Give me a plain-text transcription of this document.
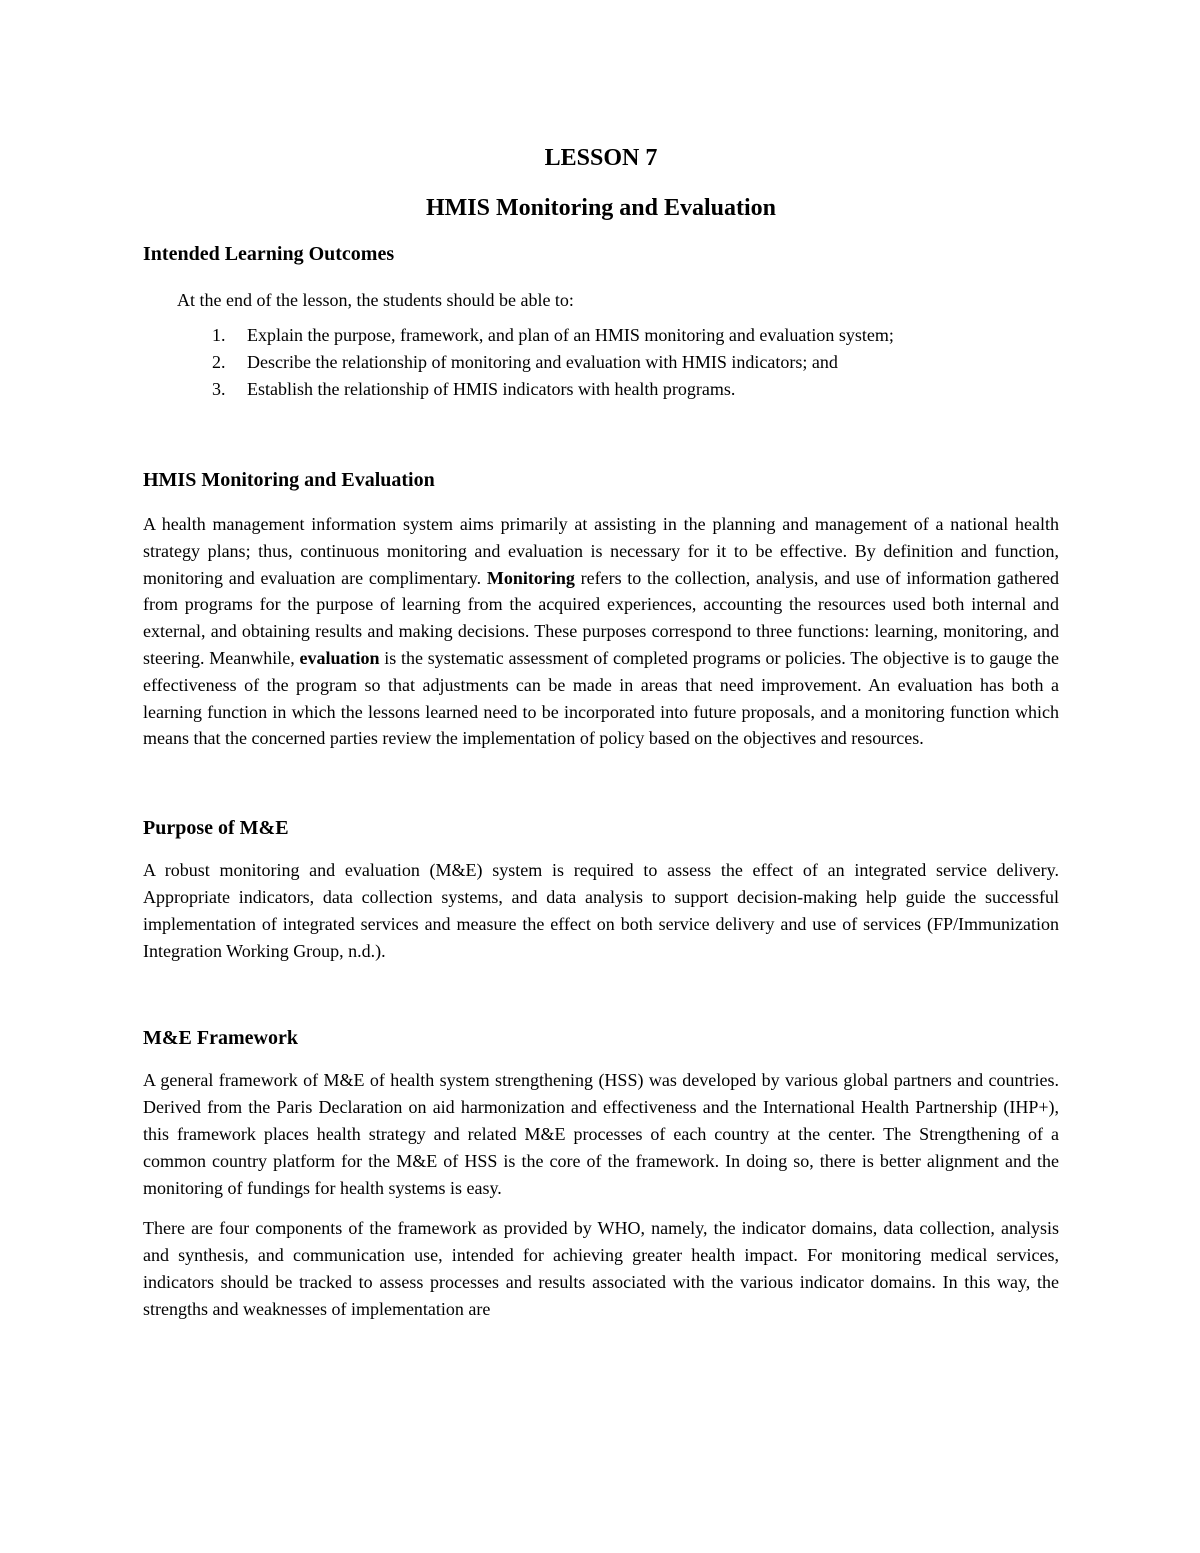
LESSON 7
HMIS Monitoring and Evaluation
Intended Learning Outcomes

At the end of the lesson, the students should be able to:

1. Explain the purpose, framework, and plan of an HMIS monitoring and evaluation system;
2. Describe the relationship of monitoring and evaluation with HMIS indicators; and
3. Establish the relationship of HMIS indicators with health programs.
HMIS Monitoring and Evaluation

A health management information system aims primarily at assisting in the planning and management of a national health strategy plans; thus, continuous monitoring and evaluation is necessary for it to be effective. By definition and function, monitoring and evaluation are complimentary. Monitoring refers to the collection, analysis, and use of information gathered from programs for the purpose of learning from the acquired experiences, accounting the resources used both internal and external, and obtaining results and making decisions. These purposes correspond to three functions: learning, monitoring, and steering. Meanwhile, evaluation is the systematic assessment of completed programs or policies. The objective is to gauge the effectiveness of the program so that adjustments can be made in areas that need improvement. An evaluation has both a learning function in which the lessons learned need to be incorporated into future proposals, and a monitoring function which means that the concerned parties review the implementation of policy based on the objectives and resources.

Purpose of M&E

A robust monitoring and evaluation (M&E) system is required to assess the effect of an integrated service delivery. Appropriate indicators, data collection systems, and data analysis to support decision-making help guide the successful implementation of integrated services and measure the effect on both service delivery and use of services (FP/Immunization Integration Working Group, n.d.).

M&E Framework

A general framework of M&E of health system strengthening (HSS) was developed by various global partners and countries. Derived from the Paris Declaration on aid harmonization and effectiveness and the International Health Partnership (IHP+), this framework places health strategy and related M&E processes of each country at the center. The Strengthening of a common country platform for the M&E of HSS is the core of the framework. In doing so, there is better alignment and the monitoring of fundings for health systems is easy.

There are four components of the framework as provided by WHO, namely, the indicator domains, data collection, analysis and synthesis, and communication use, intended for achieving greater health impact. For monitoring medical services, indicators should be tracked to assess processes and results associated with the various indicator domains. In this way, the strengths and weaknesses of implementation are
